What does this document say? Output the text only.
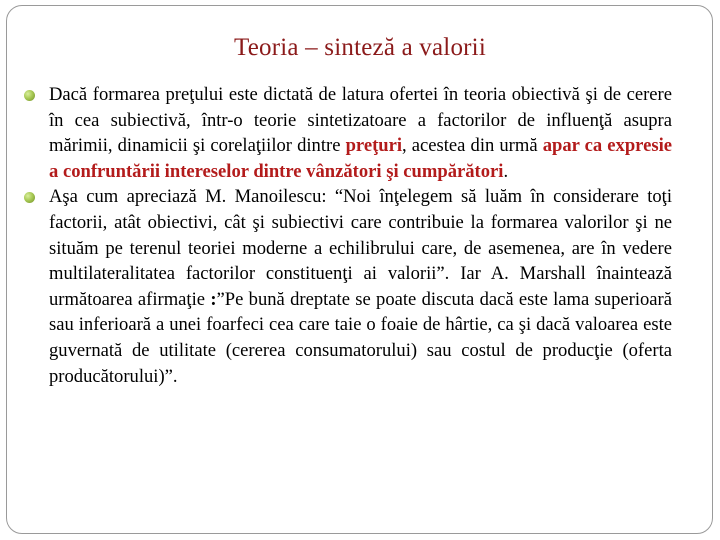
Teoria – sinteză a valorii

Dacă formarea preţului este dictată de latura ofertei în teoria obiectivă şi de cerere în cea subiectivă, într-o teorie sintetizatoare a factorilor de influenţă asupra mărimii, dinamicii şi corelaţiilor dintre preţuri, acestea din urmă apar ca expresie a confruntării intereselor dintre vânzători şi cumpărători.

Aşa cum apreciază M. Manoilescu: “Noi înţelegem să luăm în considerare toţi factorii, atât obiectivi, cât şi subiectivi care contribuie la formarea valorilor şi ne situăm pe terenul teoriei moderne a echilibrului care, de asemenea, are în vedere multilateralitatea factorilor constituenţi ai valorii”. Iar A. Marshall înaintează următoarea afirmaţie :”Pe bună dreptate se poate discuta dacă este lama superioară sau inferioară a unei foarfeci cea care taie o foaie de hârtie, ca şi dacă valoarea este guvernată de utilitate (cererea consumatorului) sau costul de producţie (oferta producătorului)”.
